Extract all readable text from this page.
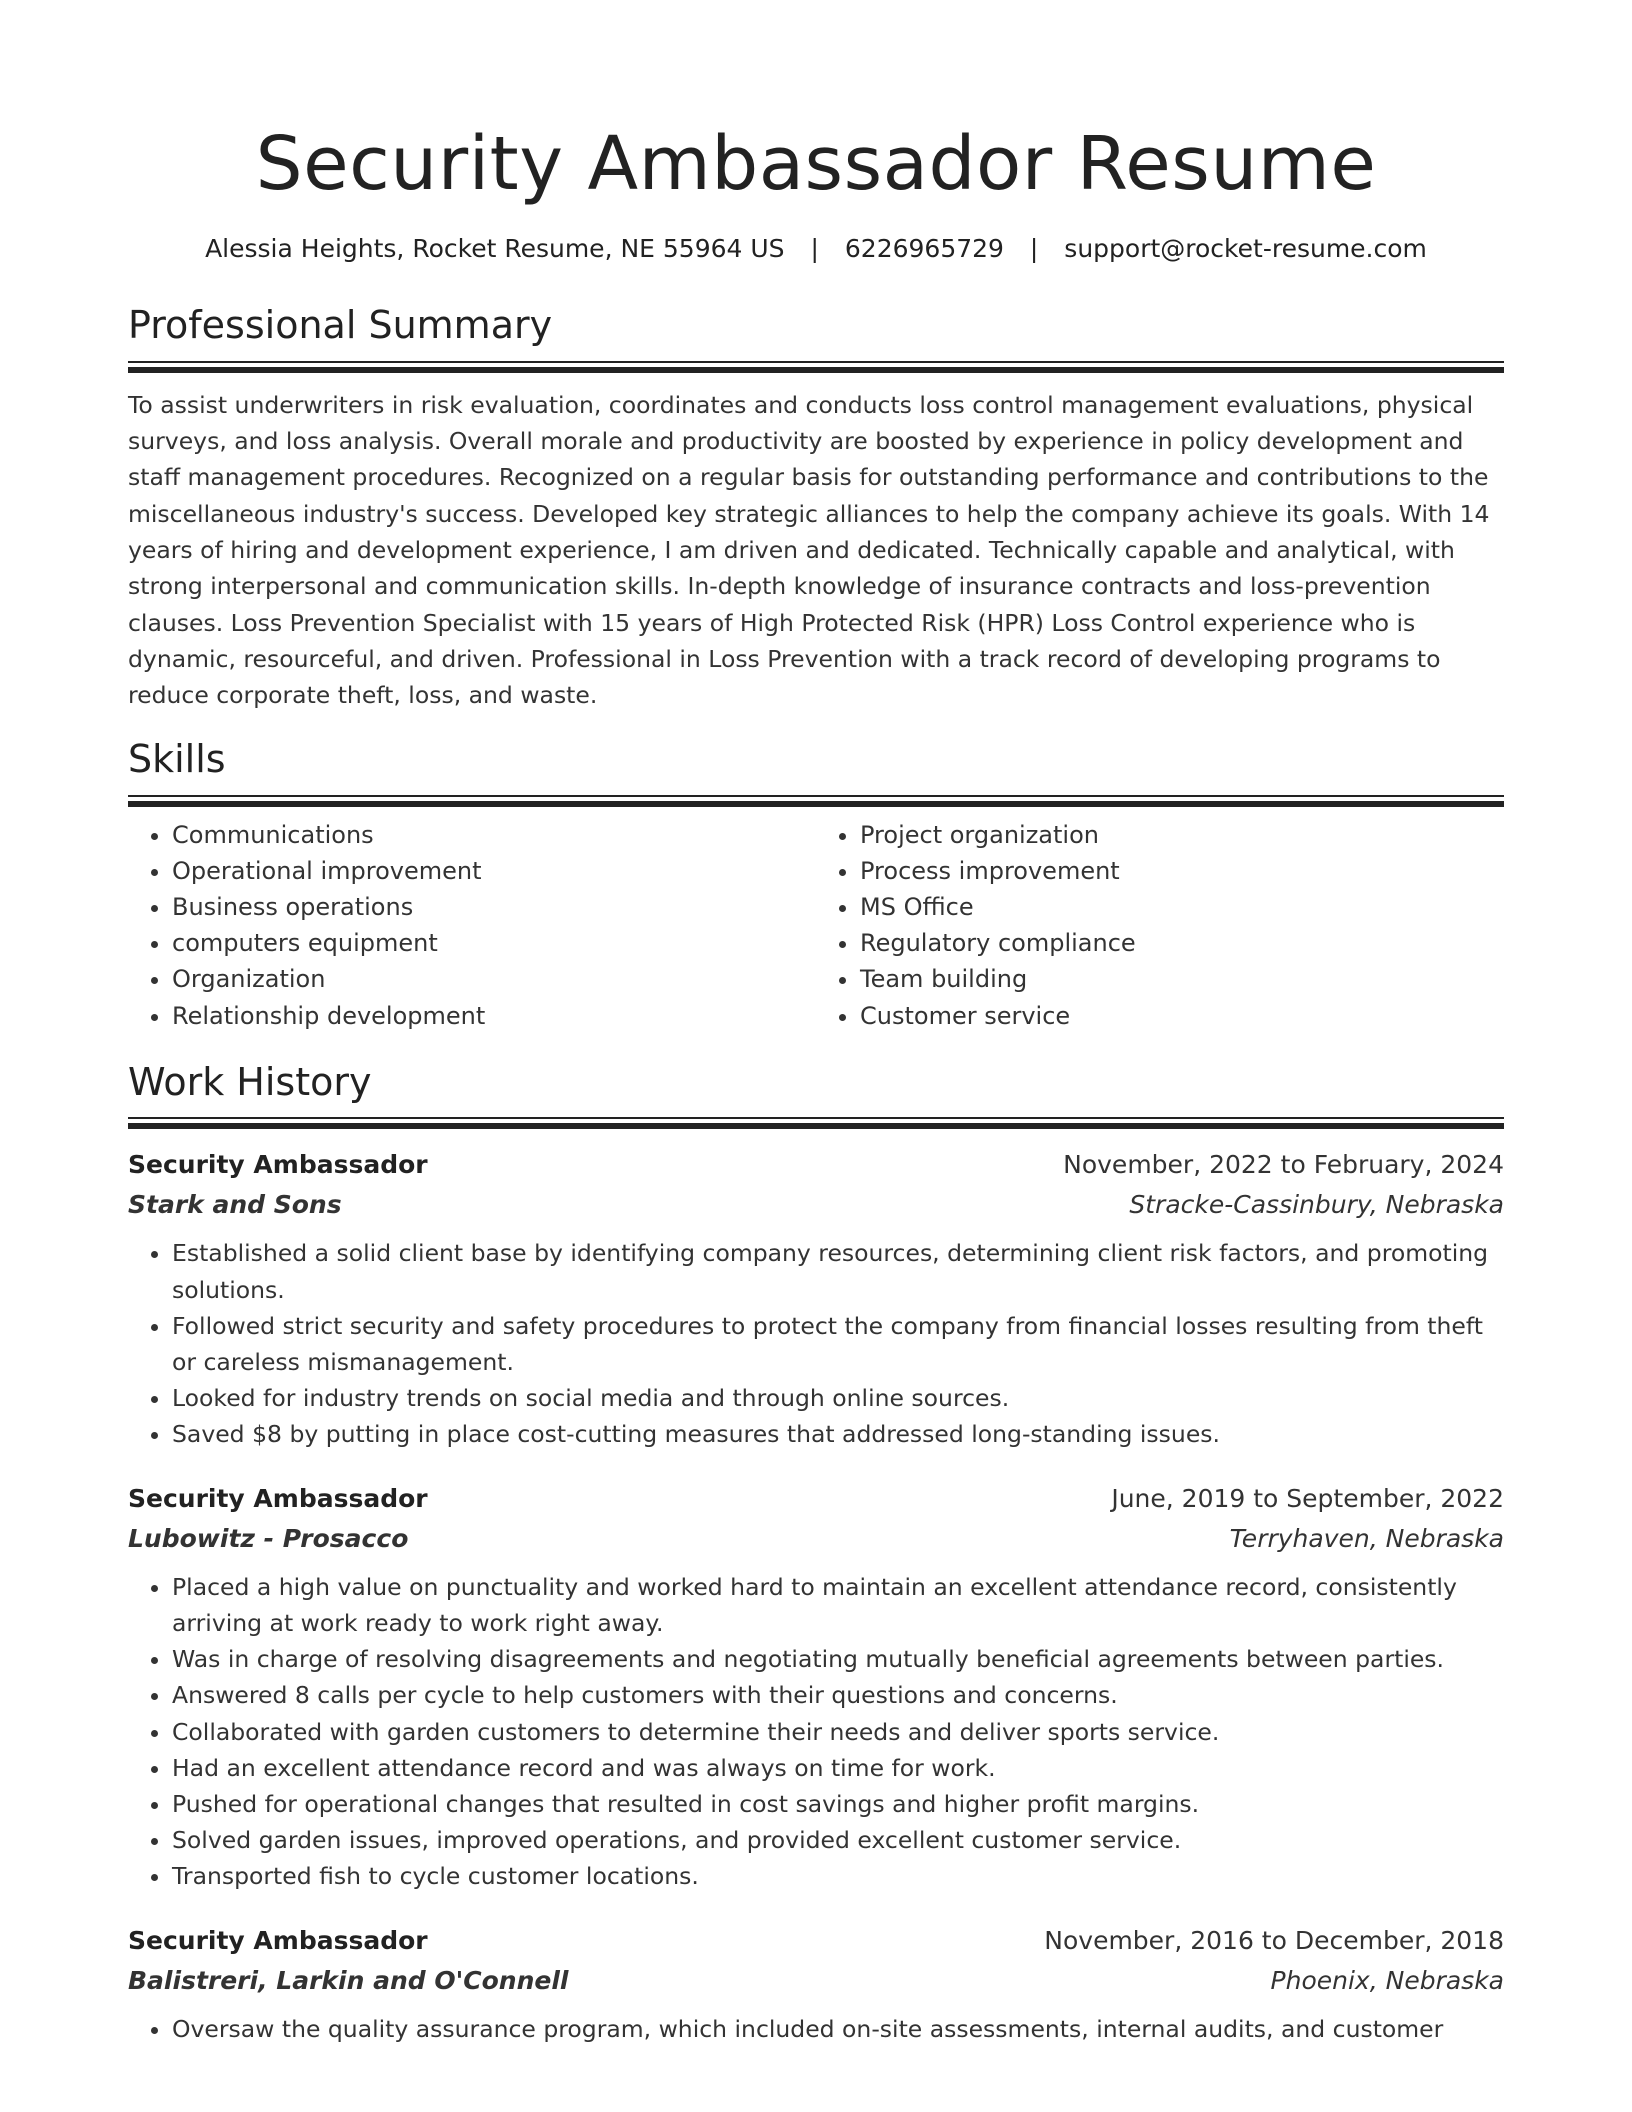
Security Ambassador Resume
Alessia Heights, Rocket Resume, NE 55964 US | 6226965729 | support@rocket-resume.com
Professional Summary

To assist underwriters in risk evaluation, coordinates and conducts loss control management evaluations, physical surveys, and loss analysis. Overall morale and productivity are boosted by experience in policy development and staff management procedures. Recognized on a regular basis for outstanding performance and contributions to the miscellaneous industry's success. Developed key strategic alliances to help the company achieve its goals. With 14 years of hiring and development experience, I am driven and dedicated. Technically capable and analytical, with strong interpersonal and communication skills. In-depth knowledge of insurance contracts and loss-prevention clauses. Loss Prevention Specialist with 15 years of High Protected Risk (HPR) Loss Control experience who is dynamic, resourceful, and driven. Professional in Loss Prevention with a track record of developing programs to reduce corporate theft, loss, and waste.

Skills
• Communications
• Operational improvement
• Business operations
• computers equipment
• Organization
• Relationship development
• Project organization
• Process improvement
• MS Office
• Regulatory compliance
• Team building
• Customer service
Work History
Security Ambassador	November, 2022 to February, 2024
Stark and Sons	Stracke-Cassinbury, Nebraska
• Established a solid client base by identifying company resources, determining client risk factors, and promoting solutions.
• Followed strict security and safety procedures to protect the company from financial losses resulting from theft or careless mismanagement.
• Looked for industry trends on social media and through online sources.
• Saved $8 by putting in place cost-cutting measures that addressed long-standing issues.
Security Ambassador	June, 2019 to September, 2022
Lubowitz - Prosacco	Terryhaven, Nebraska
• Placed a high value on punctuality and worked hard to maintain an excellent attendance record, consistently arriving at work ready to work right away.
• Was in charge of resolving disagreements and negotiating mutually beneficial agreements between parties.
• Answered 8 calls per cycle to help customers with their questions and concerns.
• Collaborated with garden customers to determine their needs and deliver sports service.
• Had an excellent attendance record and was always on time for work.
• Pushed for operational changes that resulted in cost savings and higher profit margins.
• Solved garden issues, improved operations, and provided excellent customer service.
• Transported fish to cycle customer locations.
Security Ambassador	November, 2016 to December, 2018
Balistreri, Larkin and O'Connell	Phoenix, Nebraska
• Oversaw the quality assurance program, which included on-site assessments, internal audits, and customer
